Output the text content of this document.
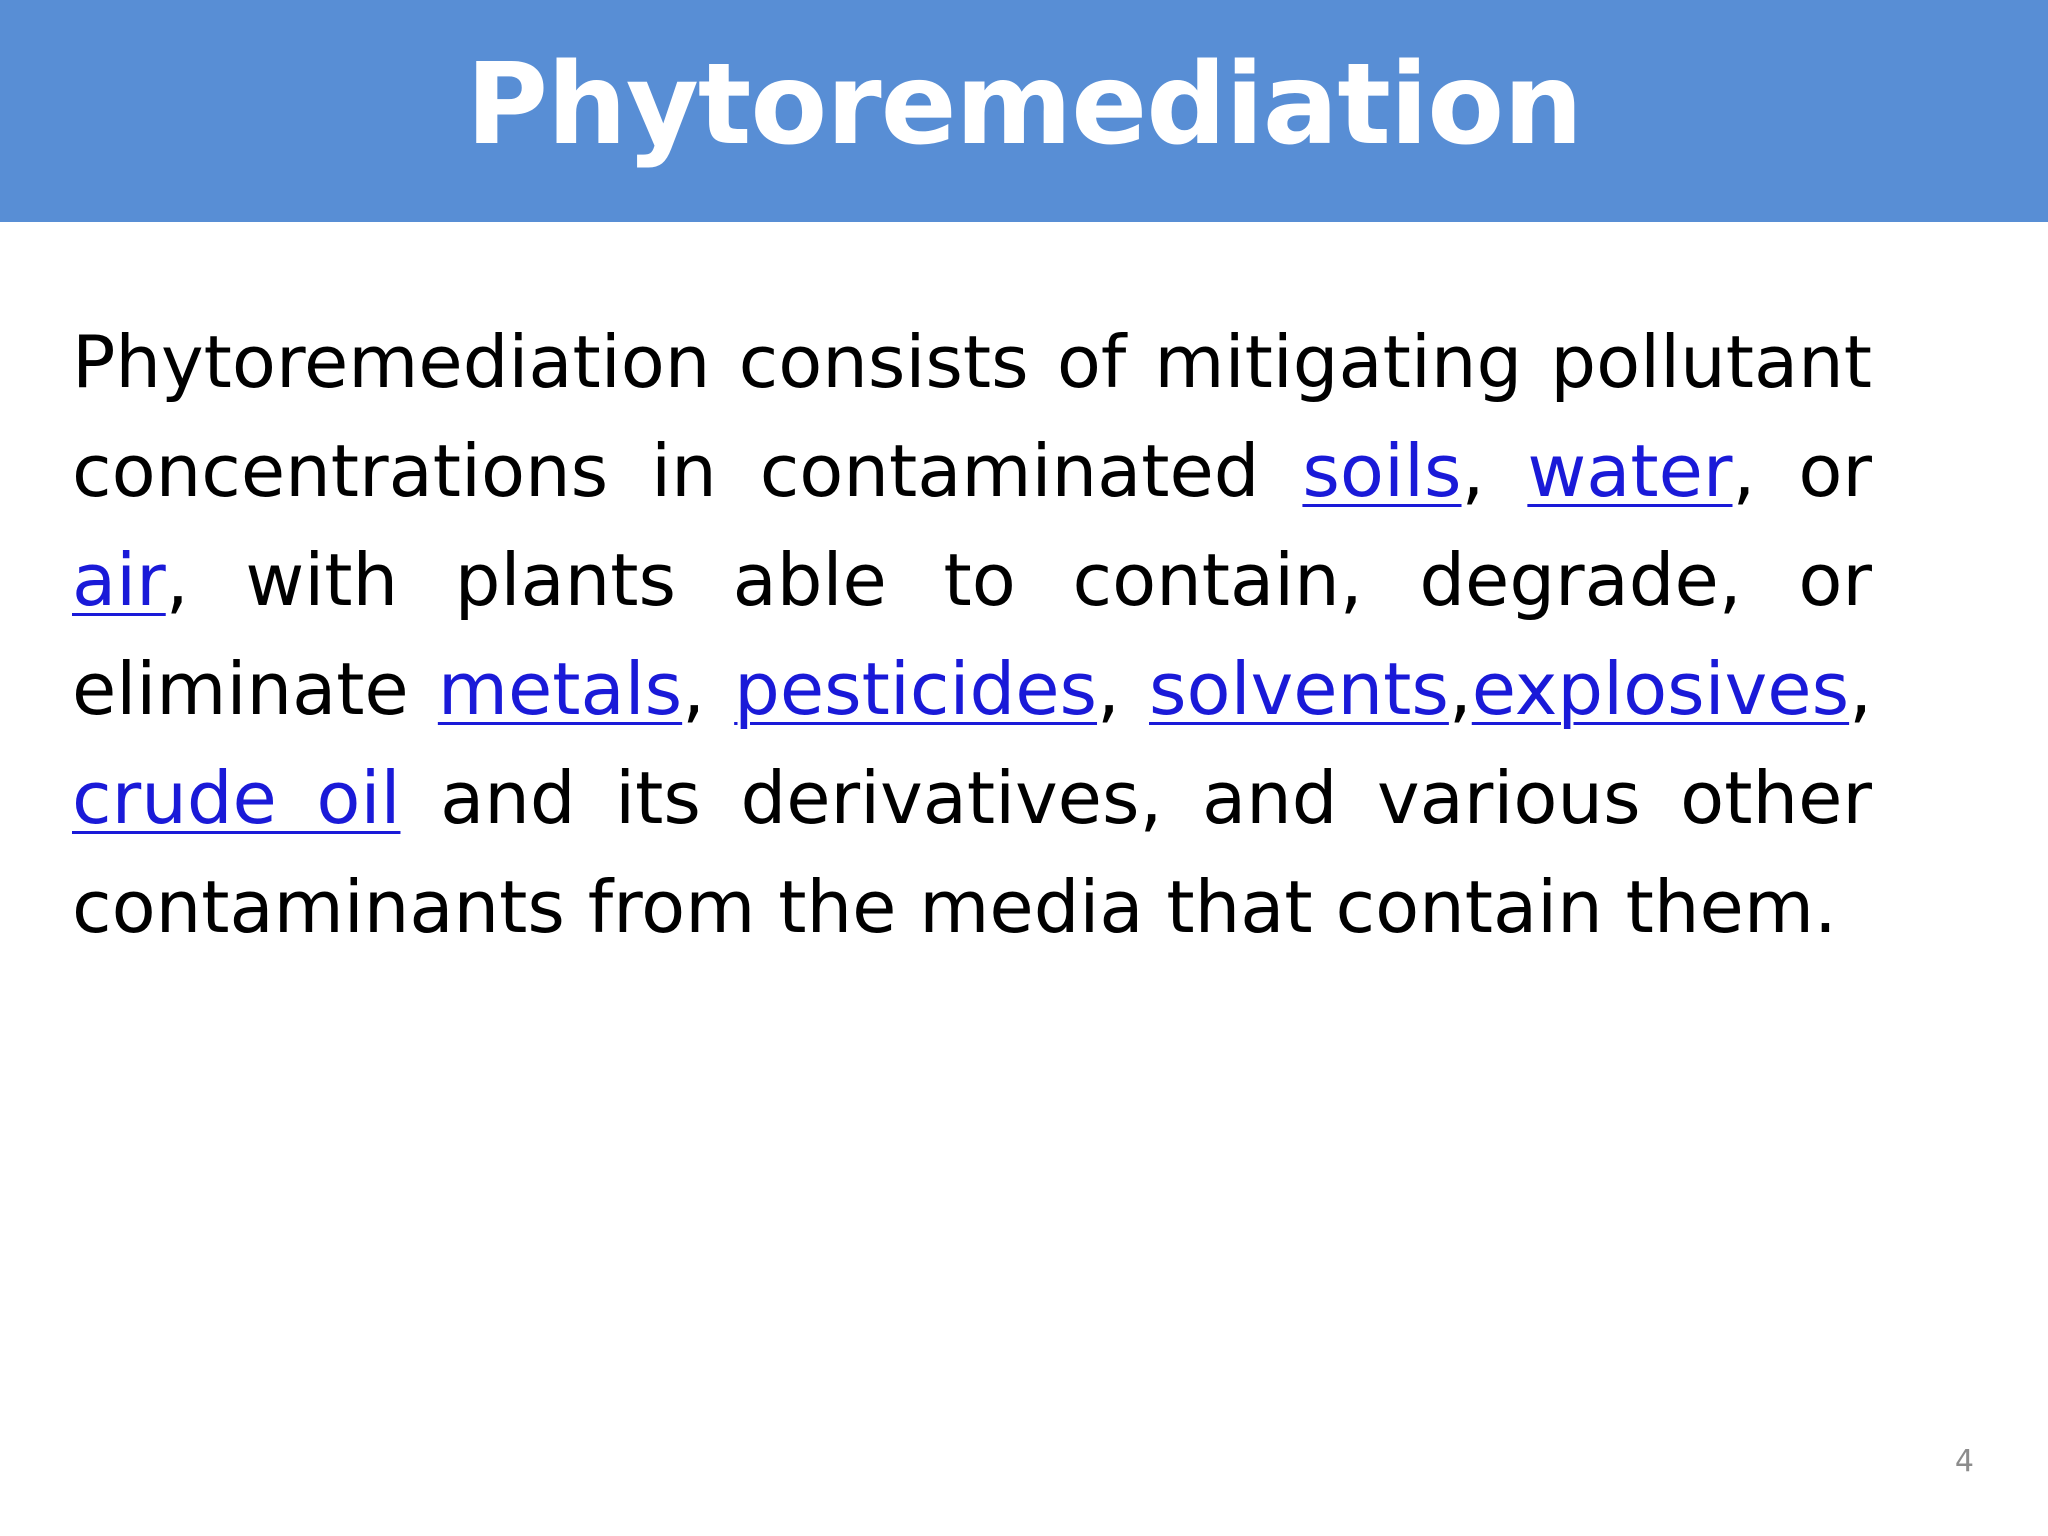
Phytoremediation

Phytoremediation consists of mitigating pollutant concentrations in contaminated soils, water, or air, with plants able to contain, degrade, or eliminate metals, pesticides, solvents,explosives, crude oil and its derivatives, and various other contaminants from the media that contain them.

4
